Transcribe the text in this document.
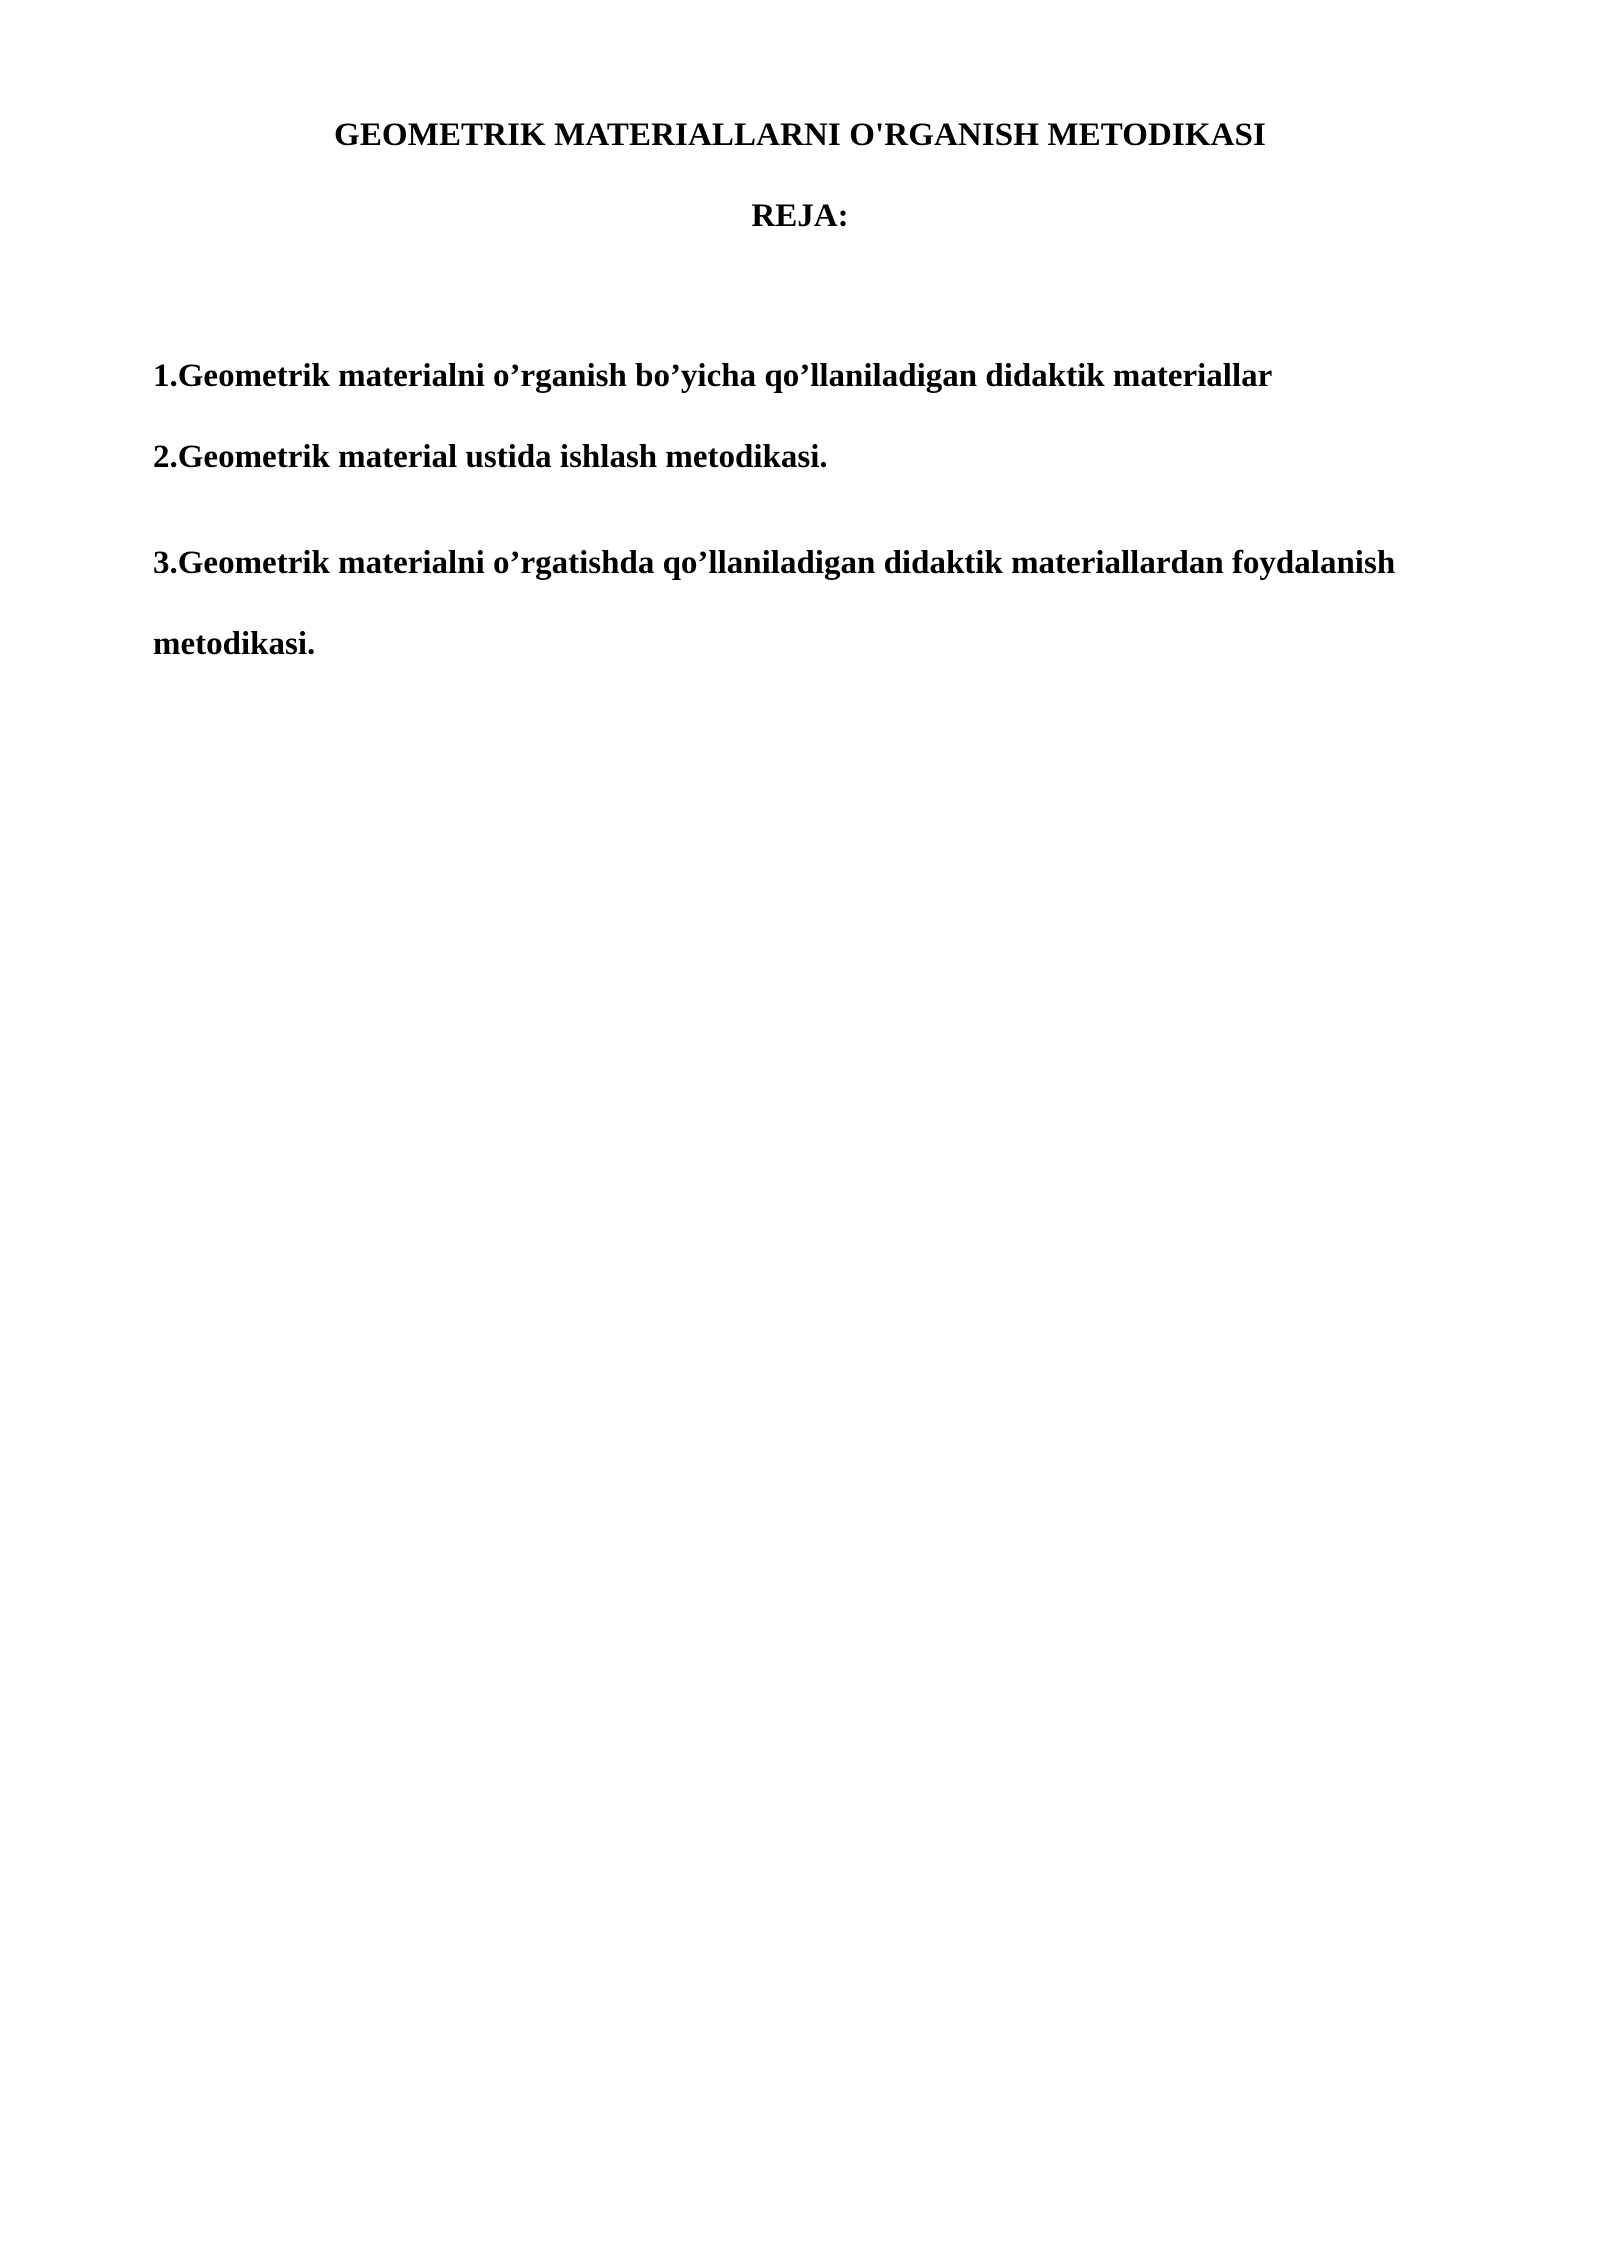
GEOMETRIK MATERIALLARNI O'RGANISH METODIKASI
REJA:

1.Geometrik materialni o’rganish bo’yicha qo’llaniladigan didaktik materiallar

2.Geometrik material ustida ishlash metodikasi.

3.Geometrik materialni o’rgatishda qo’llaniladigan didaktik materiallardan foydalanish

metodikasi.
